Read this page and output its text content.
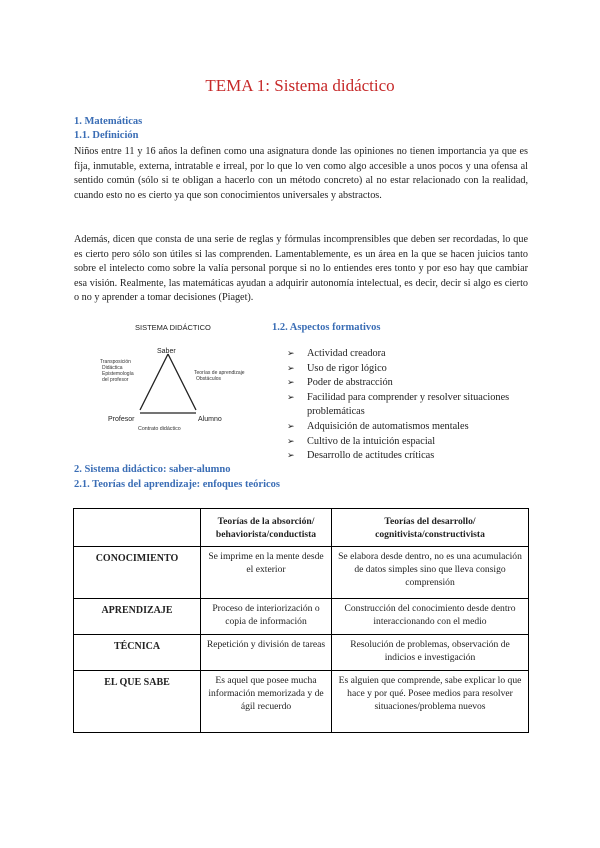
TEMA 1: Sistema didáctico
1. Matemáticas
1.1. Definición

Niños entre 11 y 16 años la definen como una asignatura donde las opiniones no tienen importancia ya que es fija, inmutable, externa, intratable e irreal, por lo que lo ven como algo accesible a unos pocos y una ofensa al sentido común (sólo si te obligan a hacerlo con un método concreto) al no estar relacionado con la realidad, cuando esto no es cierto ya que son conocimientos universales y abstractos.

Además, dicen que consta de una serie de reglas y fórmulas incomprensibles que deben ser recordadas, lo que es cierto pero sólo son útiles si las comprenden. Lamentablemente, es un área en la que se hacen juicios tanto sobre el intelecto como sobre la valía personal porque si no lo entiendes eres tonto y por eso hay que cambiar esa visión. Realmente, las matemáticas ayudan a adquirir autonomía intelectual, es decir, decir si algo es cierto o no y aprender a tomar decisiones (Piaget).

SISTEMA DIDÁCTICO
Saber
Profesor	Alumno
Transposición
Didáctica
Epistemología
del profesor
Teorías de aprendizaje
Obstáculos
Contrato didáctico
1.2. Aspectos formativos
➢ Actividad creadora
➢ Uso de rigor lógico
➢ Poder de abstracción
➢ Facilidad para comprender y resolver situaciones problemáticas
➢ Adquisición de automatismos mentales
➢ Cultivo de la intuición espacial
➢ Desarrollo de actitudes críticas
2. Sistema didáctico: saber-alumno
2.1. Teorías del aprendizaje: enfoques teóricos
	Teorías de la absorción/ behaviorista/conductista	Teorías del desarrollo/ cognitivista/constructivista
CONOCIMIENTO	Se imprime en la mente desde el exterior	Se elabora desde dentro, no es una acumulación de datos simples sino que lleva consigo comprensión
APRENDIZAJE	Proceso de interiorización o copia de información	Construcción del conocimiento desde dentro interaccionando con el medio
TÉCNICA	Repetición y división de tareas	Resolución de problemas, observación de indicios e investigación
EL QUE SABE	Es aquel que posee mucha información memorizada y de ágil recuerdo	Es alguien que comprende, sabe explicar lo que hace y por qué. Posee medios para resolver situaciones/problema nuevos
